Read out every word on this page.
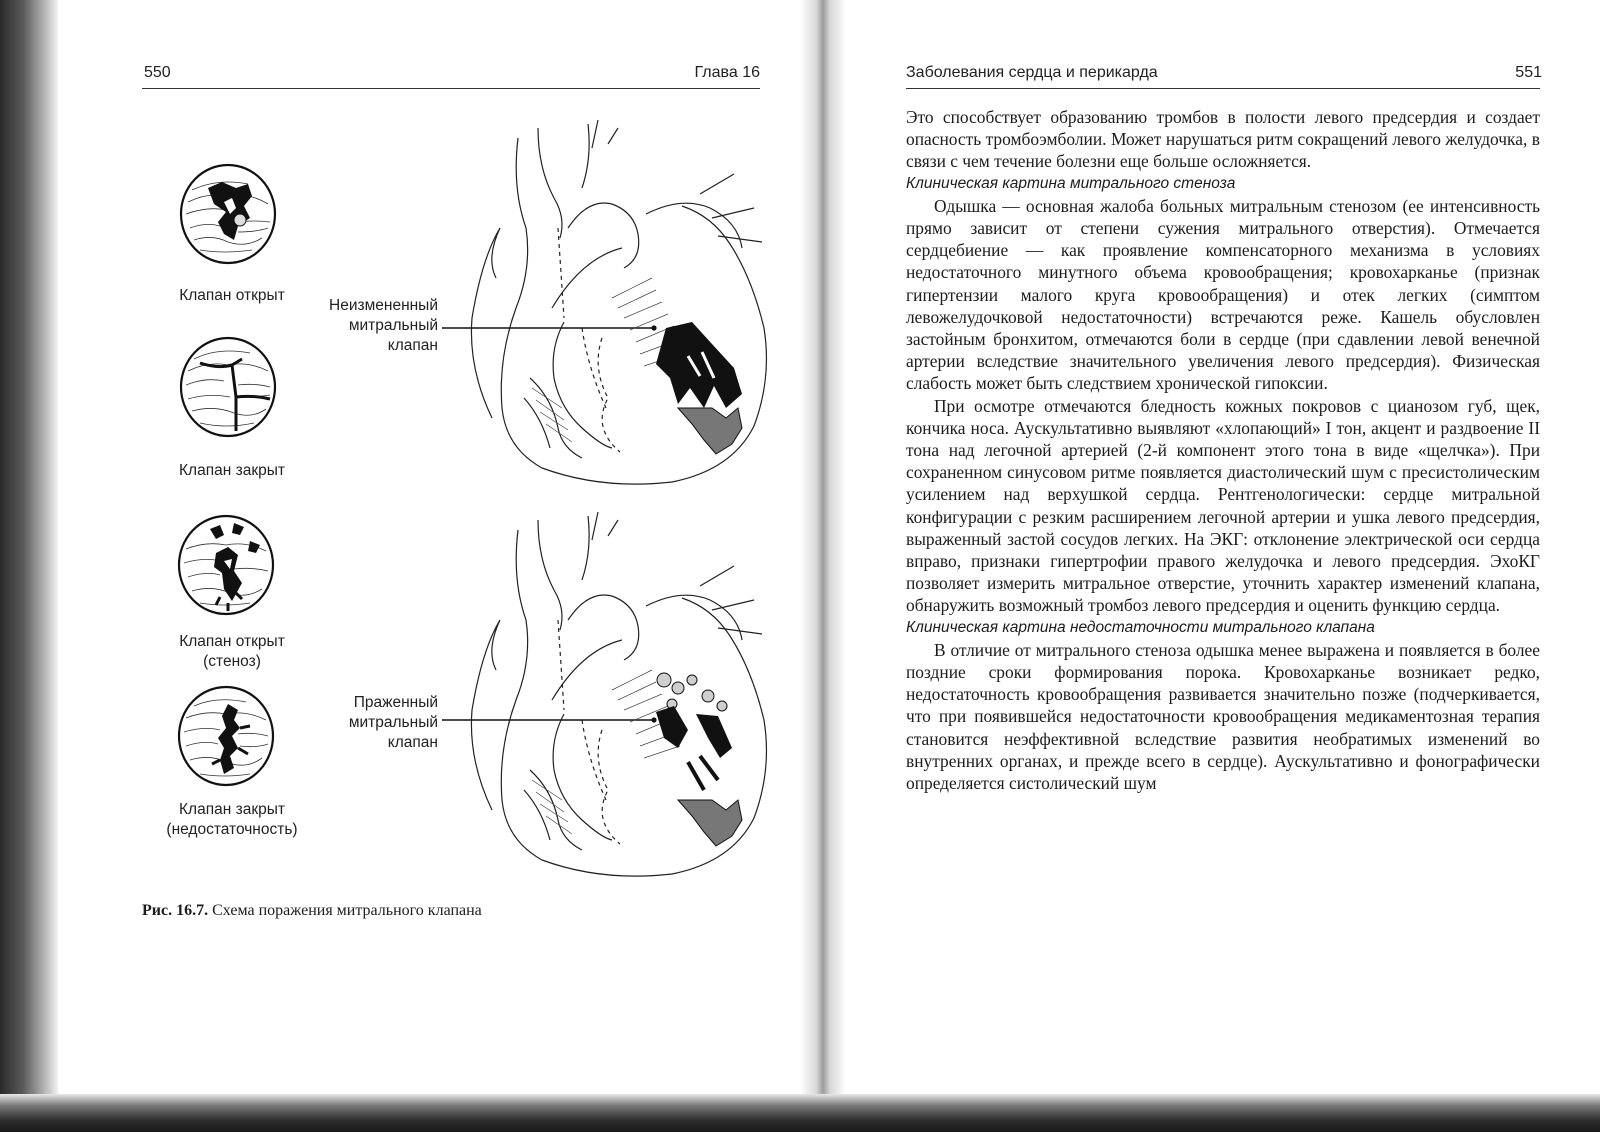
550	Глава 16
Клапан открыт
Клапан закрыт
Клапан открыт
(стеноз)
Клапан закрыт
(недостаточность)
Неизмененный
митральный
клапан
Праженный
митральный
клапан
Рис. 16.7. Схема поражения митрального клапана
Заболевания сердца и перикарда	551

Это способствует образованию тромбов в полости левого предсердия и создает опасность тромбоэмболии. Может нарушаться ритм сокращений левого желудочка, в связи с чем течение болезни еще больше осложняется.

Клиническая картина митрального стеноза

Одышка — основная жалоба больных митральным стенозом (ее интенсивность прямо зависит от степени сужения митрального отверстия). Отмечается сердцебиение — как проявление компенсаторного механизма в условиях недостаточного минутного объема кровообращения; кровохарканье (признак гипертензии малого круга кровообращения) и отек легких (симптом левожелудочковой недостаточности) встречаются реже. Кашель обусловлен застойным бронхитом, отмечаются боли в сердце (при сдавлении левой венечной артерии вследствие значительного увеличения левого предсердия). Физическая слабость может быть следствием хронической гипоксии.

При осмотре отмечаются бледность кожных покровов с цианозом губ, щек, кончика носа. Аускультативно выявляют «хлопающий» I тон, акцент и раздвоение II тона над легочной артерией (2-й компонент этого тона в виде «щелчка»). При сохраненном синусовом ритме появляется диастолический шум с пресистолическим усилением над верхушкой сердца. Рентгенологически: сердце митральной конфигурации с резким расширением легочной артерии и ушка левого предсердия, выраженный застой сосудов легких. На ЭКГ: отклонение электрической оси сердца вправо, признаки гипертрофии правого желудочка и левого предсердия. ЭхоКГ позволяет измерить митральное отверстие, уточнить характер изменений клапана, обнаружить возможный тромбоз левого предсердия и оценить функцию сердца.

Клиническая картина недостаточности митрального клапана

В отличие от митрального стеноза одышка менее выражена и появляется в более поздние сроки формирования порока. Кровохарканье возникает редко, недостаточность кровообращения развивается значительно позже (подчеркивается, что при появившейся недостаточности кровообращения медикаментозная терапия становится неэффективной вследствие развития необратимых изменений во внутренних органах, и прежде всего в сердце). Аускультативно и фонографически определяется систолический шум
